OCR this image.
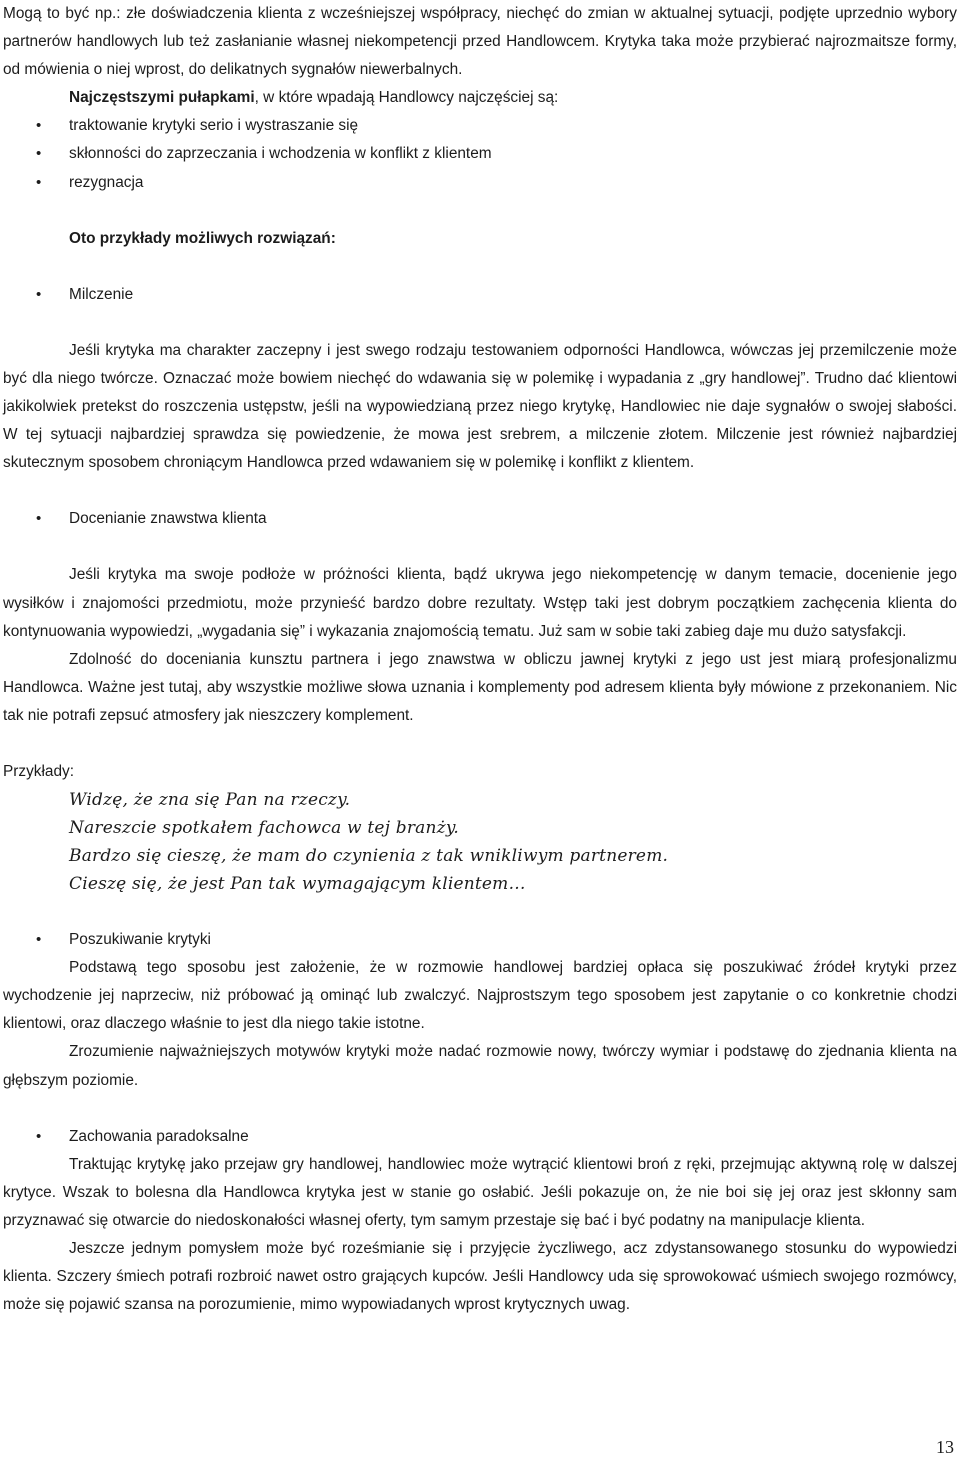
Mogą to być np.: złe doświadczenia klienta z wcześniejszej współpracy, niechęć do zmian w aktualnej sytuacji, podjęte uprzednio wybory partnerów handlowych lub też zasłanianie własnej niekompetencji przed Handlowcem. Krytyka taka może przybierać najrozmaitsze formy, od mówienia o niej wprost, do delikatnych sygnałów niewerbalnych.

Najczęstszymi pułapkami, w które wpadają Handlowcy najczęściej są:

• traktowanie krytyki serio i wystraszanie się
• skłonności do zaprzeczania i wchodzenia w konflikt z klientem
• rezygnacja

Oto przykłady możliwych rozwiązań:

• Milczenie

Jeśli krytyka ma charakter zaczepny i jest swego rodzaju testowaniem odporności Handlowca, wówczas jej przemilczenie może być dla niego twórcze. Oznaczać może bowiem niechęć do wdawania się w polemikę i wypadania z „gry handlowej”. Trudno dać klientowi jakikolwiek pretekst do roszczenia ustępstw, jeśli na wypowiedzianą przez niego krytykę, Handlowiec nie daje sygnałów o swojej słabości. W tej sytuacji najbardziej sprawdza się powiedzenie, że mowa jest srebrem, a milczenie złotem. Milczenie jest również najbardziej skutecznym sposobem chroniącym Handlowca przed wdawaniem się w polemikę i konflikt z klientem.

• Docenianie znawstwa klienta

Jeśli krytyka ma swoje podłoże w próżności klienta, bądź ukrywa jego niekompetencję w danym temacie, docenienie jego wysiłków i znajomości przedmiotu, może przynieść bardzo dobre rezultaty. Wstęp taki jest dobrym początkiem zachęcenia klienta do kontynuowania wypowiedzi, „wygadania się” i wykazania znajomością tematu. Już sam w sobie taki zabieg daje mu dużo satysfakcji.

Zdolność do doceniania kunsztu partnera i jego znawstwa w obliczu jawnej krytyki z jego ust jest miarą profesjonalizmu Handlowca. Ważne jest tutaj, aby wszystkie możliwe słowa uznania i komplementy pod adresem klienta były mówione z przekonaniem. Nic tak nie potrafi zepsuć atmosfery jak nieszczery komplement.

Przykłady:

Widzę, że zna się Pan na rzeczy.
Nareszcie spotkałem fachowca w tej branży.
Bardzo się cieszę, że mam do czynienia z tak wnikliwym partnerem.
Cieszę się, że jest Pan tak wymagającym klientem…
• Poszukiwanie krytyki

Podstawą tego sposobu jest założenie, że w rozmowie handlowej bardziej opłaca się poszukiwać źródeł krytyki przez wychodzenie jej naprzeciw, niż próbować ją ominąć lub zwalczyć. Najprostszym tego sposobem jest zapytanie o co konkretnie chodzi klientowi, oraz dlaczego właśnie to jest dla niego takie istotne.

Zrozumienie najważniejszych motywów krytyki może nadać rozmowie nowy, twórczy wymiar i podstawę do zjednania klienta na głębszym poziomie.

• Zachowania paradoksalne

Traktując krytykę jako przejaw gry handlowej, handlowiec może wytrącić klientowi broń z ręki, przejmując aktywną rolę w dalszej krytyce. Wszak to bolesna dla Handlowca krytyka jest w stanie go osłabić. Jeśli pokazuje on, że nie boi się jej oraz jest skłonny sam przyznawać się otwarcie do niedoskonałości własnej oferty, tym samym przestaje się bać i być podatny na manipulacje klienta.

Jeszcze jednym pomysłem może być roześmianie się i przyjęcie życzliwego, acz zdystansowanego stosunku do wypowiedzi klienta. Szczery śmiech potrafi rozbroić nawet ostro grających kupców. Jeśli Handlowcy uda się sprowokować uśmiech swojego rozmówcy, może się pojawić szansa na porozumienie, mimo wypowiadanych wprost krytycznych uwag.

13
